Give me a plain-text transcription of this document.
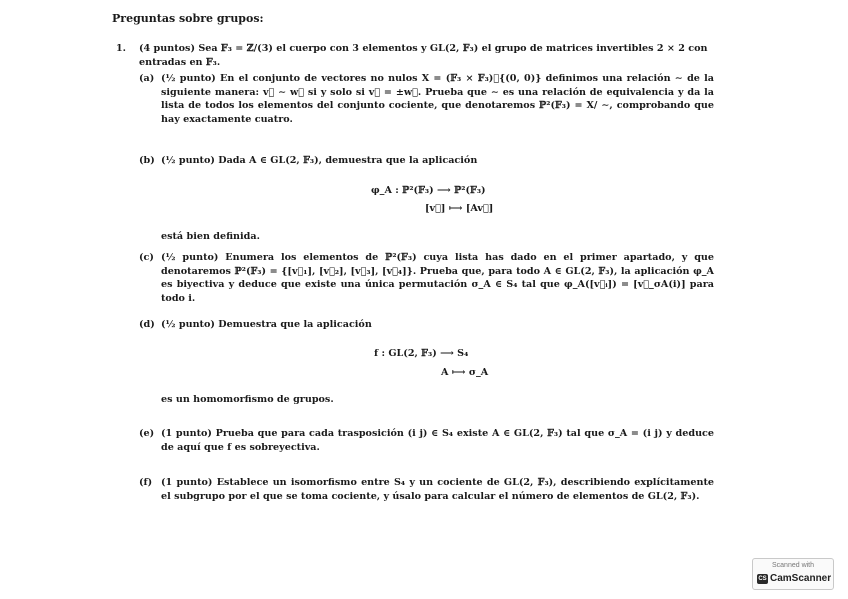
Preguntas sobre grupos:
1. (4 puntos) Sea 𝔽₃ = ℤ/(3) el cuerpo con 3 elementos y GL(2, 𝔽₃) el grupo de matrices invertibles 2 × 2 con entradas en 𝔽₃.
(a) (½ punto) En el conjunto de vectores no nulos X = (𝔽₃ × 𝔽₃)∖{(0, 0)} definimos una relación ∼ de la siguiente manera: v⃗ ∼ w⃗ si y solo si v⃗ = ±w⃗. Prueba que ∼ es una relación de equivalencia y da la lista de todos los elementos del conjunto cociente, que denotaremos ℙ²(𝔽₃) = X/ ∼, comprobando que hay exactamente cuatro.
(b) (½ punto) Dada A ∈ GL(2, 𝔽₃), demuestra que la aplicación
φ_A : ℙ²(𝔽₃) ⟶ ℙ²(𝔽₃)
[v⃗] ⟼ [Av⃗]
está bien definida.
(c) (½ punto) Enumera los elementos de ℙ²(𝔽₃) cuya lista has dado en el primer apartado, y que denotaremos ℙ²(𝔽₃) = {[v⃗₁], [v⃗₂], [v⃗₃], [v⃗₄]}. Prueba que, para todo A ∈ GL(2, 𝔽₃), la aplicación φ_A es biyectiva y deduce que existe una única permutación σ_A ∈ S₄ tal que φ_A([v⃗ᵢ]) = [v⃗_σA(i)] para todo i.
(d) (½ punto) Demuestra que la aplicación
f : GL(2, 𝔽₃) ⟶ S₄
A ⟼ σ_A
es un homomorfismo de grupos.
(e) (1 punto) Prueba que para cada trasposición (i j) ∈ S₄ existe A ∈ GL(2, 𝔽₃) tal que σ_A = (i j) y deduce de aquí que f es sobreyectiva.
(f) (1 punto) Establece un isomorfismo entre S₄ y un cociente de GL(2, 𝔽₃), describiendo explícitamente el subgrupo por el que se toma cociente, y úsalo para calcular el número de elementos de GL(2, 𝔽₃).
Scanned with
CS CamScanner
